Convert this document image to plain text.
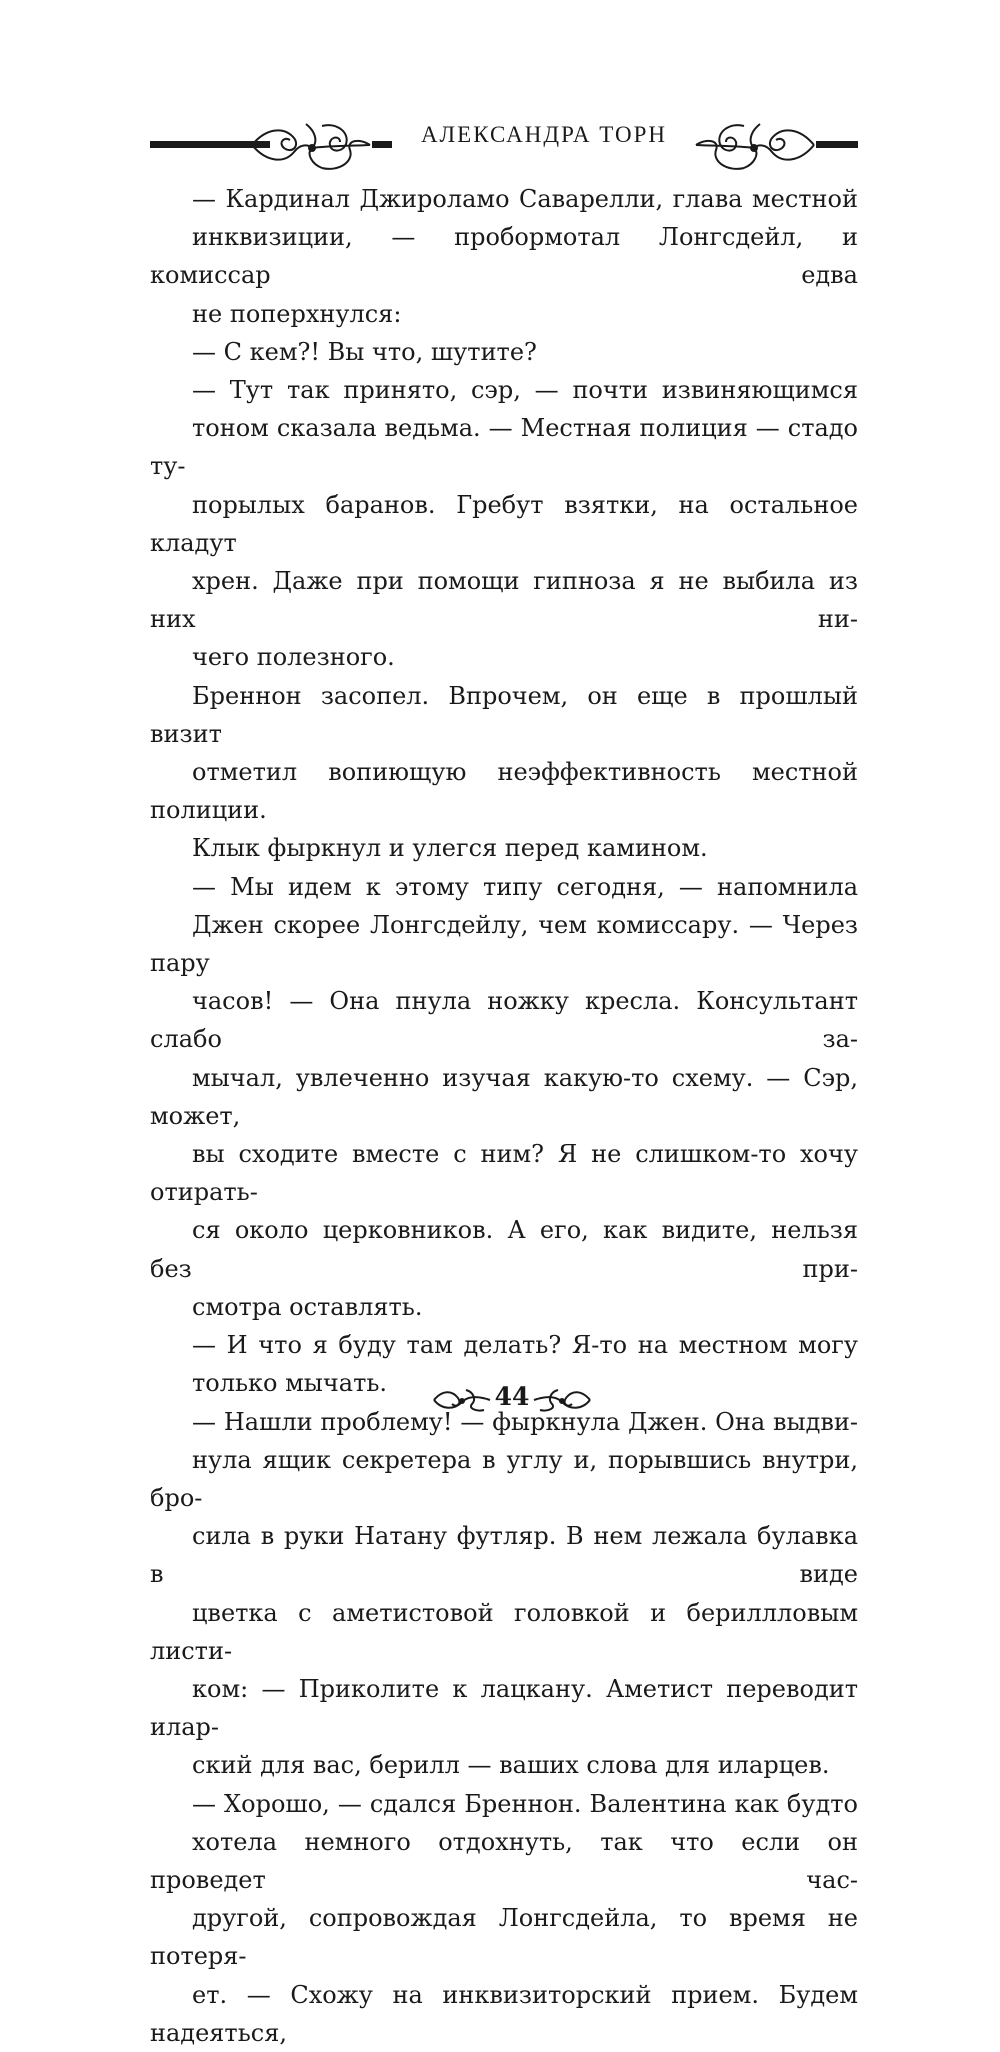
АЛЕКСАНДРА ТОРН

— Кардинал Джироламо Саварелли, глава местной
инквизиции, — пробормотал Лонгсдейл, и комиссар едва
не поперхнулся:

— С кем?! Вы что, шутите?

— Тут так принято, сэр, — почти извиняющимся
тоном сказала ведьма. — Местная полиция — стадо ту-
порылых баранов. Гребут взятки, на остальное кладут
хрен. Даже при помощи гипноза я не выбила из них ни-
чего полезного.

Бреннон засопел. Впрочем, он еще в прошлый визит
отметил вопиющую неэффективность местной полиции.
Клык фыркнул и улегся перед камином.

— Мы идем к этому типу сегодня, — напомнила
Джен скорее Лонгсдейлу, чем комиссару. — Через пару
часов! — Она пнула ножку кресла. Консультант слабо за-
мычал, увлеченно изучая какую-то схему. — Сэр, может,
вы сходите вместе с ним? Я не слишком-то хочу отирать-
ся около церковников. А его, как видите, нельзя без при-
смотра оставлять.

— И что я буду там делать? Я-то на местном могу
только мычать.

— Нашли проблему! — фыркнула Джен. Она выдви-
нула ящик секретера в углу и, порывшись внутри, бро-
сила в руки Натану футляр. В нем лежала булавка в виде
цветка с аметистовой головкой и бериллловым листи-
ком: — Приколите к лацкану. Аметист переводит илар-
ский для вас, берилл — ваших слова для иларцев.

— Хорошо, — сдался Бреннон. Валентина как будто
хотела немного отдохнуть, так что если он проведет час-
другой, сопровождая Лонгсдейла, то время не потеря-
ет. — Схожу на инквизиторский прием. Будем надеяться,

44
